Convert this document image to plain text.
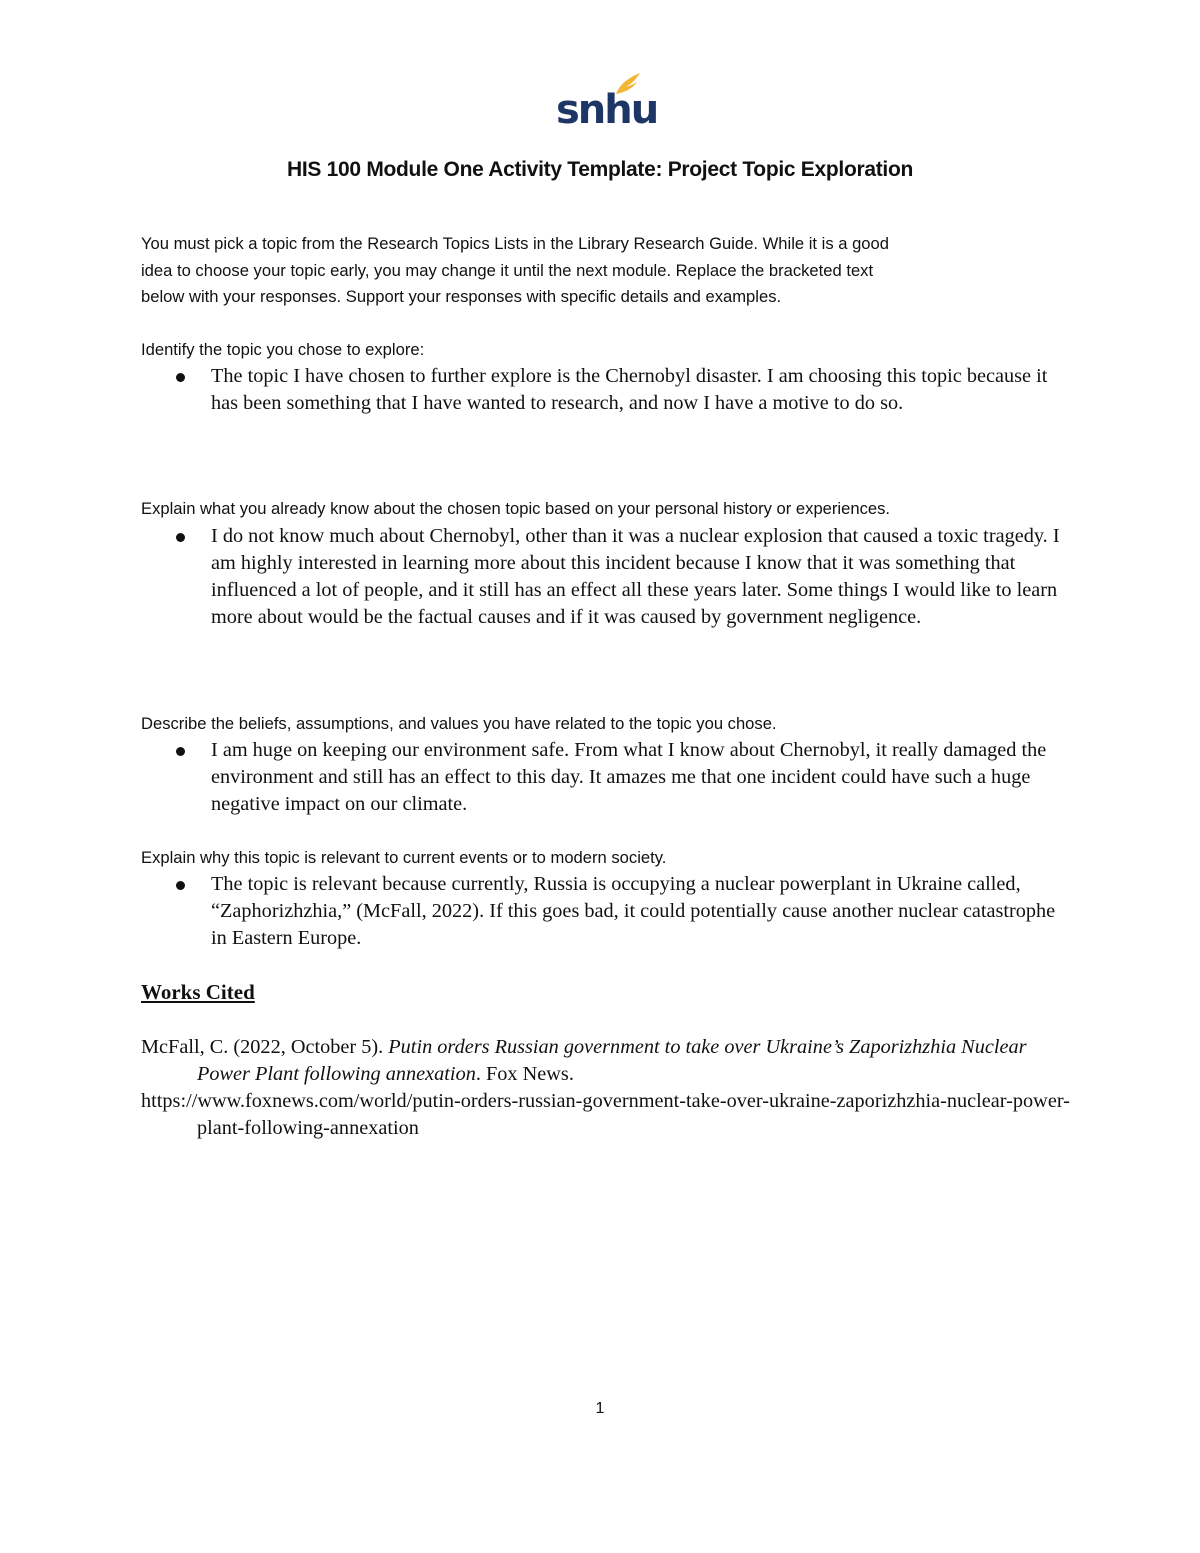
snhu
HIS 100 Module One Activity Template: Project Topic Exploration

You must pick a topic from the Research Topics Lists in the Library Research Guide. While it is a good

idea to choose your topic early, you may change it until the next module. Replace the bracketed text

below with your responses. Support your responses with specific details and examples.

Identify the topic you chose to explore:

The topic I have chosen to further explore is the Chernobyl disaster. I am choosing this topic because it has been something that I have wanted to research, and now I have a motive to do so.

Explain what you already know about the chosen topic based on your personal history or experiences.

I do not know much about Chernobyl, other than it was a nuclear explosion that caused a toxic tragedy. I am highly interested in learning more about this incident because I know that it was something that influenced a lot of people, and it still has an effect all these years later. Some things I would like to learn more about would be the factual causes and if it was caused by government negligence.

Describe the beliefs, assumptions, and values you have related to the topic you chose.

I am huge on keeping our environment safe. From what I know about Chernobyl, it really damaged the environment and still has an effect to this day. It amazes me that one incident could have such a huge negative impact on our climate.

Explain why this topic is relevant to current events or to modern society.

The topic is relevant because currently, Russia is occupying a nuclear powerplant in Ukraine called, “Zaphorizhzhia,” (McFall, 2022). If this goes bad, it could potentially cause another nuclear catastrophe in Eastern Europe.

Works Cited
McFall, C. (2022, October 5). Putin orders Russian government to take over Ukraine’s Zaporizhzhia Nuclear Power Plant following annexation. Fox News.
https://www.foxnews.com/world/putin-orders-russian-government-take-over-ukraine-zaporizhzhia-nuclear-power-plant-following-annexation
1
